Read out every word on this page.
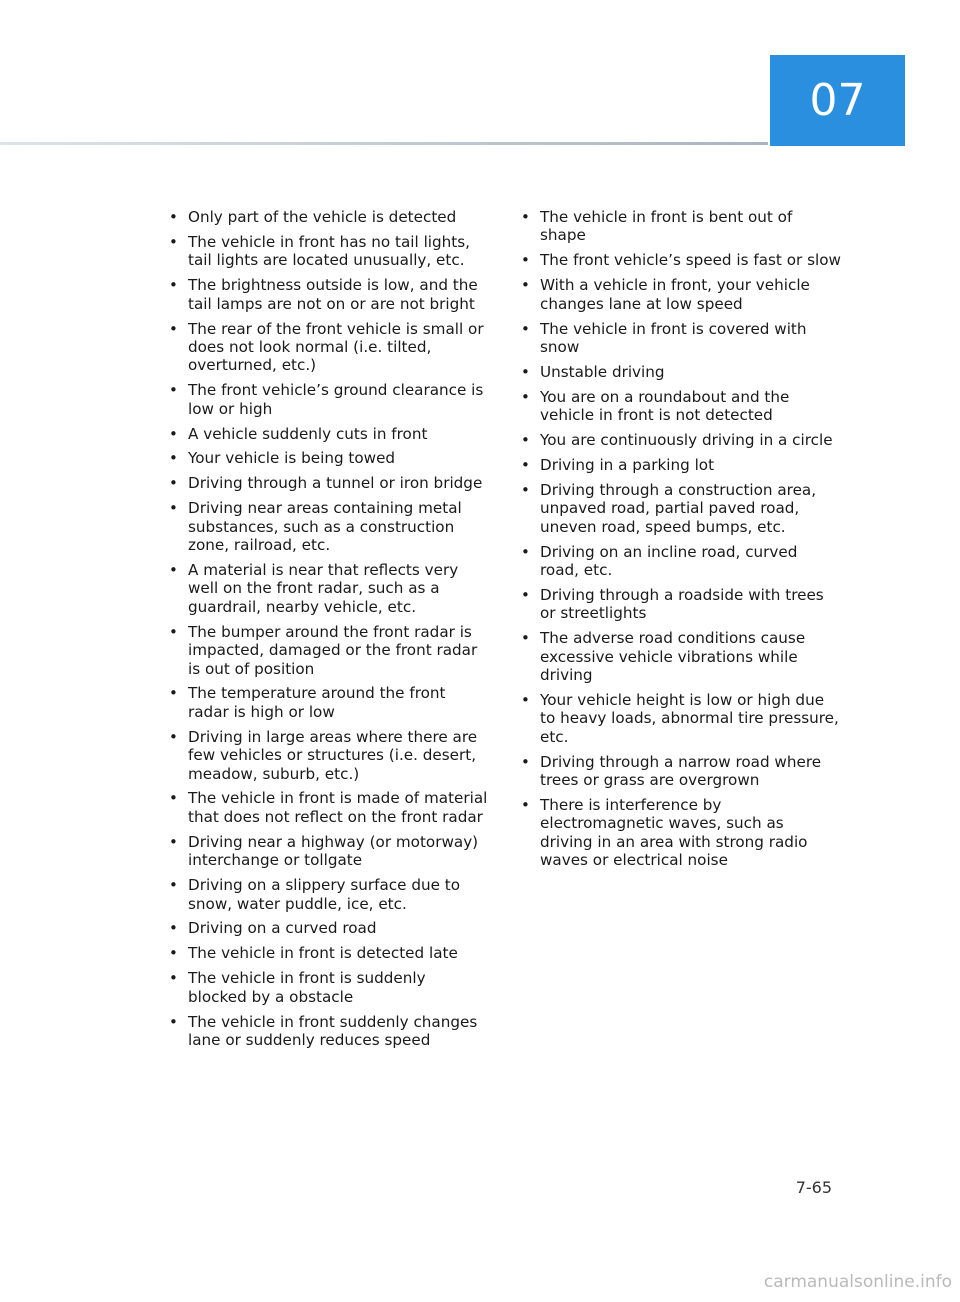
07
• Only part of the vehicle is detected
• The vehicle in front has no tail lights, tail lights are located unusually, etc.
• The brightness outside is low, and the tail lamps are not on or are not bright
• The rear of the front vehicle is small or does not look normal (i.e. tilted, overturned, etc.)
• The front vehicle’s ground clearance is low or high
• A vehicle suddenly cuts in front
• Your vehicle is being towed
• Driving through a tunnel or iron bridge
• Driving near areas containing metal substances, such as a construction zone, railroad, etc.
• A material is near that reflects very well on the front radar, such as a guardrail, nearby vehicle, etc.
• The bumper around the front radar is impacted, damaged or the front radar is out of position
• The temperature around the front radar is high or low
• Driving in large areas where there are few vehicles or structures (i.e. desert, meadow, suburb, etc.)
• The vehicle in front is made of material that does not reflect on the front radar
• Driving near a highway (or motorway) interchange or tollgate
• Driving on a slippery surface due to snow, water puddle, ice, etc.
• Driving on a curved road
• The vehicle in front is detected late
• The vehicle in front is suddenly blocked by a obstacle
• The vehicle in front suddenly changes lane or suddenly reduces speed
• The vehicle in front is bent out of shape
• The front vehicle’s speed is fast or slow
• With a vehicle in front, your vehicle changes lane at low speed
• The vehicle in front is covered with snow
• Unstable driving
• You are on a roundabout and the vehicle in front is not detected
• You are continuously driving in a circle
• Driving in a parking lot
• Driving through a construction area, unpaved road, partial paved road, uneven road, speed bumps, etc.
• Driving on an incline road, curved road, etc.
• Driving through a roadside with trees or streetlights
• The adverse road conditions cause excessive vehicle vibrations while driving
• Your vehicle height is low or high due to heavy loads, abnormal tire pressure, etc.
• Driving through a narrow road where trees or grass are overgrown
• There is interference by electromagnetic waves, such as driving in an area with strong radio waves or electrical noise
7-65
carmanualsonline.info
